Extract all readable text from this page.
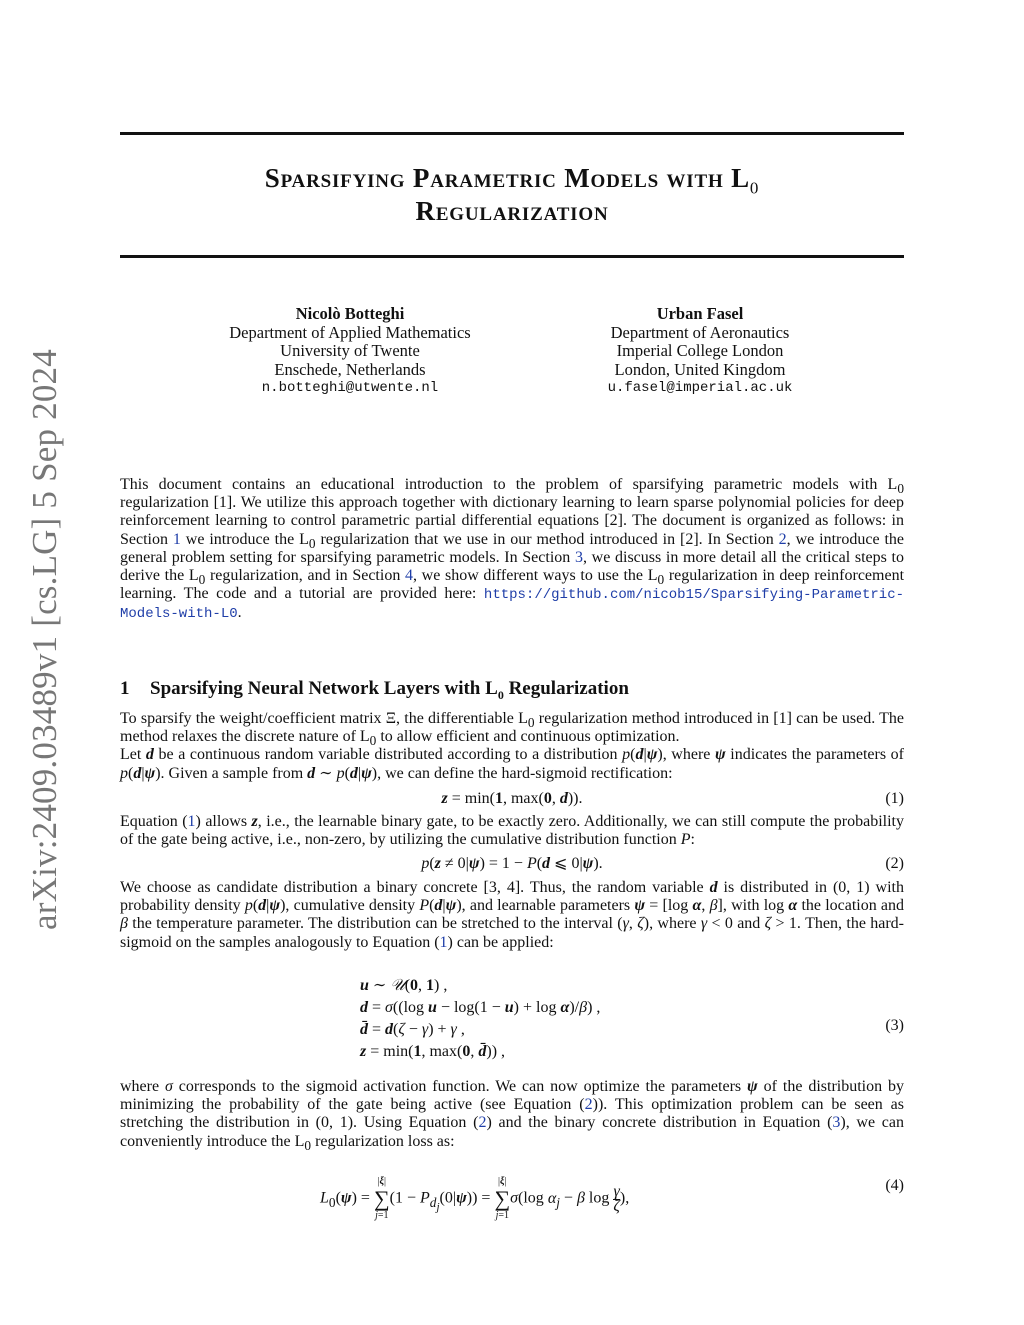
arXiv:2409.03489v1 [cs.LG] 5 Sep 2024
Sparsifying Parametric Models with $L_0$
Regularization
Nicolò Botteghi
Department of Applied Mathematics
University of Twente
Enschede, Netherlands
n.botteghi@utwente.nl
Urban Fasel
Department of Aeronautics
Imperial College London
London, United Kingdom
u.fasel@imperial.ac.uk
This document contains an educational introduction to the problem of sparsifying parametric models with $L_0$ regularization [1]. We utilize this approach together with dictionary learning to learn sparse polynomial policies for deep reinforcement learning to control parametric partial differential equations [2]. The document is organized as follows: in Section 1 we introduce the $L_0$ regularization that we use in our method introduced in [2]. In Section 2, we introduce the general problem setting for sparsifying parametric models. In Section 3, we discuss in more detail all the critical steps to derive the $L_0$ regularization, and in Section 4, we show different ways to use the $L_0$ regularization in deep reinforcement learning. The code and a tutorial are provided here: https://github.com/nicob15/Sparsifying-Parametric-Models-with-L0.
1 Sparsifying Neural Network Layers with $L_0$ Regularization
To sparsify the weight/coefficient matrix Ξ, the differentiable $L_0$ regularization method introduced in [1] can be used. The method relaxes the discrete nature of $L_0$ to allow efficient and continuous optimization.
Let d be a continuous random variable distributed according to a distribution p(d|ψ), where ψ indicates the parameters of p(d|ψ). Given a sample from d ∼ p(d|ψ), we can define the hard-sigmoid rectification:
z = min(1, max(0, d)).	(1)
Equation (1) allows z, i.e., the learnable binary gate, to be exactly zero. Additionally, we can still compute the probability of the gate being active, i.e., non-zero, by utilizing the cumulative distribution function P:
p(z ≠ 0|ψ) = 1 − P(d ⩽ 0|ψ).	(2)
We choose as candidate distribution a binary concrete [3, 4]. Thus, the random variable d is distributed in (0, 1) with probability density p(d|ψ), cumulative density P(d|ψ), and learnable parameters ψ = [log α, β], with log α the location and β the temperature parameter. The distribution can be stretched to the interval (γ, ζ), where γ < 0 and ζ > 1. Then, the hard-sigmoid on the samples analogously to Equation (1) can be applied:
u ∼ 𝒰(0, 1) ,
d = σ((log u − log(1 − u) + log α)/β) ,
d̄ = d(ζ − γ) + γ ,
z = min(1, max(0, d̄)) ,
(3)
where σ corresponds to the sigmoid activation function. We can now optimize the parameters ψ of the distribution by minimizing the probability of the gate being active (see Equation (2)). This optimization problem can be seen as stretching the distribution in (0, 1). Using Equation (2) and the binary concrete distribution in Equation (3), we can conveniently introduce the $L_0$ regularization loss as:
$L_0(\psi)$ =
|ξ|
∑
j=1
$(1 - P_{d_j}(0|\psi))$ =
|ξ|
∑
j=1
σ(log $\alpha_j - \beta$ $\log \frac{\gamma}{\zeta}$ ),
(4)
